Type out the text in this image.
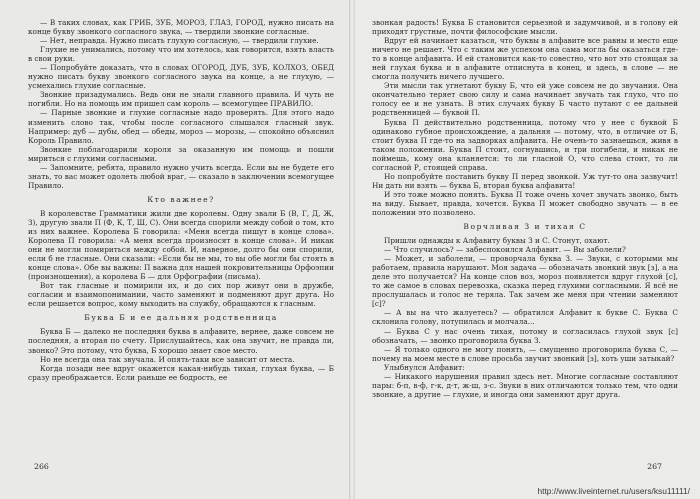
— В таких словах, как ГРИБ, ЗУБ, МОРОЗ, ГЛАЗ, ГОРОД, нужно писать на конце букву звонкого согласного звука, — твердили звонкие согласные.

— Нет, неправда. Нужно писать глухую согласную, — твердили глухие.

Глухие не унимались, потому что им хотелось, как говорится, взять власть в свои руки.

— Попробуйте доказать, что в словах ОГОРОД, ДУБ, ЗУБ, КОЛХОЗ, ОБЕД нужно писать букву звонкого согласного звука на конце, а не глухую, — усмехались глухие согласные.

Звонкие призадумались. Ведь они не знали главного правила. И чуть не погибли. Но на помощь им пришел сам король — всемогущее ПРАВИЛО.

— Парные звонкие и глухие согласные надо проверять. Для этого надо изменить слово так, чтобы после согласного слышался гласный звук. Например: дуб — дубы, обед — обеды, мороз — морозы, — спокойно объяснил Король Правило.

Звонкие поблагодарили короля за оказанную им помощь и пошли мириться с глухими согласными.

— Запомните, ребята, правило нужно учить всегда. Если вы не будете его знать, то вас может одолеть любой враг, — сказало в заключении всемогущее Правило.

Кто важнее?

В королевстве Грамматики жили две королевы. Одну звали Б (В, Г, Д, Ж, З), другую звали П (Ф, К, Т, Ш, С). Они всегда спорили между собой о том, кто из них важнее. Королева Б говорила: «Меня всегда пишут в конце слова». Королева П говорила: «А меня всегда произносят в конце слова». И никак они не могли помириться между собой. И, наверное, долго бы они спорили, если б не гласные. Они сказали: «Если бы не мы, то вы обе могли бы стоять в конце слова». Обе вы важны: П важна для нашей покровительницы Орфоэпии (произношения), а королева Б — для Орфографии (письма).

Вот так гласные и помирили их, и до сих пор живут они в дружбе, согласии и взаимопонимании, часто заменяют и подменяют друг друга. Но если решается вопрос, кому выходить на службу, обращаются к гласным.

Буква Б и ее дальняя родственница

Буква Б — далеко не последняя буква в алфавите, вернее, даже совсем не последняя, а вторая по счету. Прислушайтесь, как она звучит, не правда ли, звонко? Это потому, что буква, Б хорошо знает свое место.

Но не всегда она так звучала. И опять-таки все зависит от места.

Когда позади нее вдруг окажется какая-нибудь тихая, глухая буква, — Б сразу преображается. Если раньше ее бодрость, ее

266

звонкая радость! Буква Б становится серьезной и задумчивой, и в голову ей приходят грустные, почти философские мысли.

Вдруг ей начинает казаться, что буквы в алфавите все равны и место еще ничего не решает. Что с таким же успехом она сама могла бы оказаться где-то в конце алфавита. И ей становится как-то совестно, что вот это стоящая за ней глухая буква и в алфавите отписнута в конец, и здесь, в слове — не смогла получить ничего лучшего.

Эти мысли так угнетают букву Б, что ей уже совсем не до звучания. Она окончательно теряет свою силу и сама начинает звучать так глухо, что по голосу ее и не узнать. В этих случаях букву Б часто путают с ее дальней родственницей — буквой П.

Буква П действительно родственница, потому что у нее с буквой Б одинаково губное происхождение, а дальняя — потому, что, в отличие от Б, стоит буква П где-то на задворках алфавита. Не очень-то зазнаешься, живя в таком положении. Буква П стоит, согнувшись, и три погибели, и никак не поймешь, кому она кланяется: то ли гласной О, что слева стоит, то ли согласной Р, стоящей справа.

Но попробуйте поставить букву П перед звонкой. Уж тут-то она зазвучит! Ни дать ни взять — буква Б, вторая буква алфавита!

И это тоже можно понять. Буква П тоже очень хочет звучать звонко, быть на виду. Бывает, правда, хочется. Буква П может свободно звучать — в ее положении это позволено.

Ворчливая З и тихая С

Пришли однажды к Алфавиту буквы З и С. Стонут, охают.

— Что случилось? — забеспокоился Алфавит. — Вы заболели?

— Может, и заболели, — проворчала буква З. — Звуки, с которыми мы работаем, правила нарушают. Моя задача — обозначать звонкий звук [з], а на деле это получается? На конце слов воз, мороз появляется вдруг глухой [с], то же самое в словах перевозка, сказка перед глухими согласными. Я всё не прослушалась и голос не теряла. Так зачем же меня при чтении заменяют [с]?

— А вы на что жалуетесь? — обратился Алфавит к букве С. Буква С склонила голову, потупилась и молчала...

— Буква С у нас очень тихая, потому и согласилась глухой звук [с] обозначать, — звонко проговорила буква З.

— Я только одного не могу понять, — смущенно проговорила буква С, — почему на моем месте в слове просьба звучит звонкий [з], хоть уши затыкай?

Улыбнулся Алфавит:

— Никакого нарушения правил здесь нет. Многие согласные составляют пары: б-п, в-ф, г-к, д-т, ж-ш, з-с. Звуки в них отличаются только тем, что одни звонкие, а другие — глухие, и иногда они заменяют друг друга.

267
http://www.liveinternet.ru/users/ksu11111/
